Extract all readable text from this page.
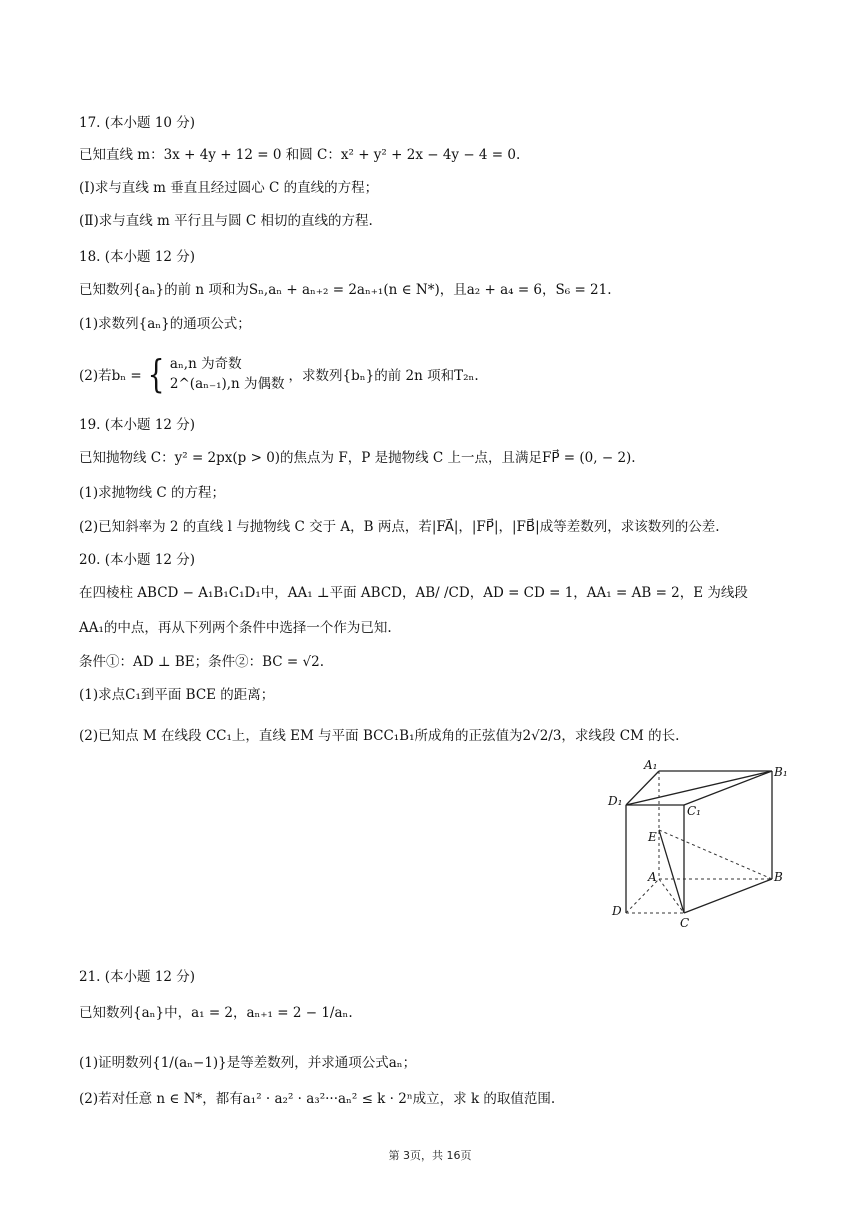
17. (本小题 10 分)
已知直线 m：3x + 4y + 12 = 0 和圆 C：x² + y² + 2x − 4y − 4 = 0.
(Ⅰ)求与直线 m 垂直且经过圆心 C 的直线的方程；
(Ⅱ)求与直线 m 平行且与圆 C 相切的直线的方程.
18. (本小题 12 分)
已知数列{aₙ}的前 n 项和为Sₙ,aₙ + aₙ₊₂ = 2aₙ₊₁(n ∈ N*)，且a₂ + a₄ = 6，S₆ = 21.
(1)求数列{aₙ}的通项公式；
19. (本小题 12 分)
已知抛物线 C：y² = 2px(p > 0)的焦点为 F，P 是抛物线 C 上一点，且满足FP⃗ = (0, − 2).
(1)求抛物线 C 的方程；
(2)已知斜率为 2 的直线 l 与抛物线 C 交于 A，B 两点，若|FA⃗|，|FP⃗|，|FB⃗|成等差数列，求该数列的公差.
20. (本小题 12 分)
在四棱柱 ABCD − A₁B₁C₁D₁中，AA₁ ⊥平面 ABCD，AB/ /CD，AD = CD = 1，AA₁ = AB = 2，E 为线段
AA₁的中点，再从下列两个条件中选择一个作为已知.
条件①：AD ⊥ BE；条件②：BC = √2.
(1)求点C₁到平面 BCE 的距离；
(2)已知点 M 在线段 CC₁上，直线 EM 与平面 BCC₁B₁所成角的正弦值为2√2/3，求线段 CM 的长.
21. (本小题 12 分)
已知数列{aₙ}中，a₁ = 2，aₙ₊₁ = 2 − 1/aₙ.
(1)证明数列{1/(aₙ−1)}是等差数列，并求通项公式aₙ；
(2)若对任意 n ∈ N*，都有a₁² · a₂² · a₃²···aₙ² ≤ k · 2ⁿ成立，求 k 的取值范围.
(2)若bₙ = { aₙ,n 为奇数
2^(aₙ₋₁),n 为偶数 ，求数列{bₙ}的前 2n 项和T₂ₙ.
A₁	B₁
D₁
C₁
E
A	B
D
C
第 3页，共 16页
